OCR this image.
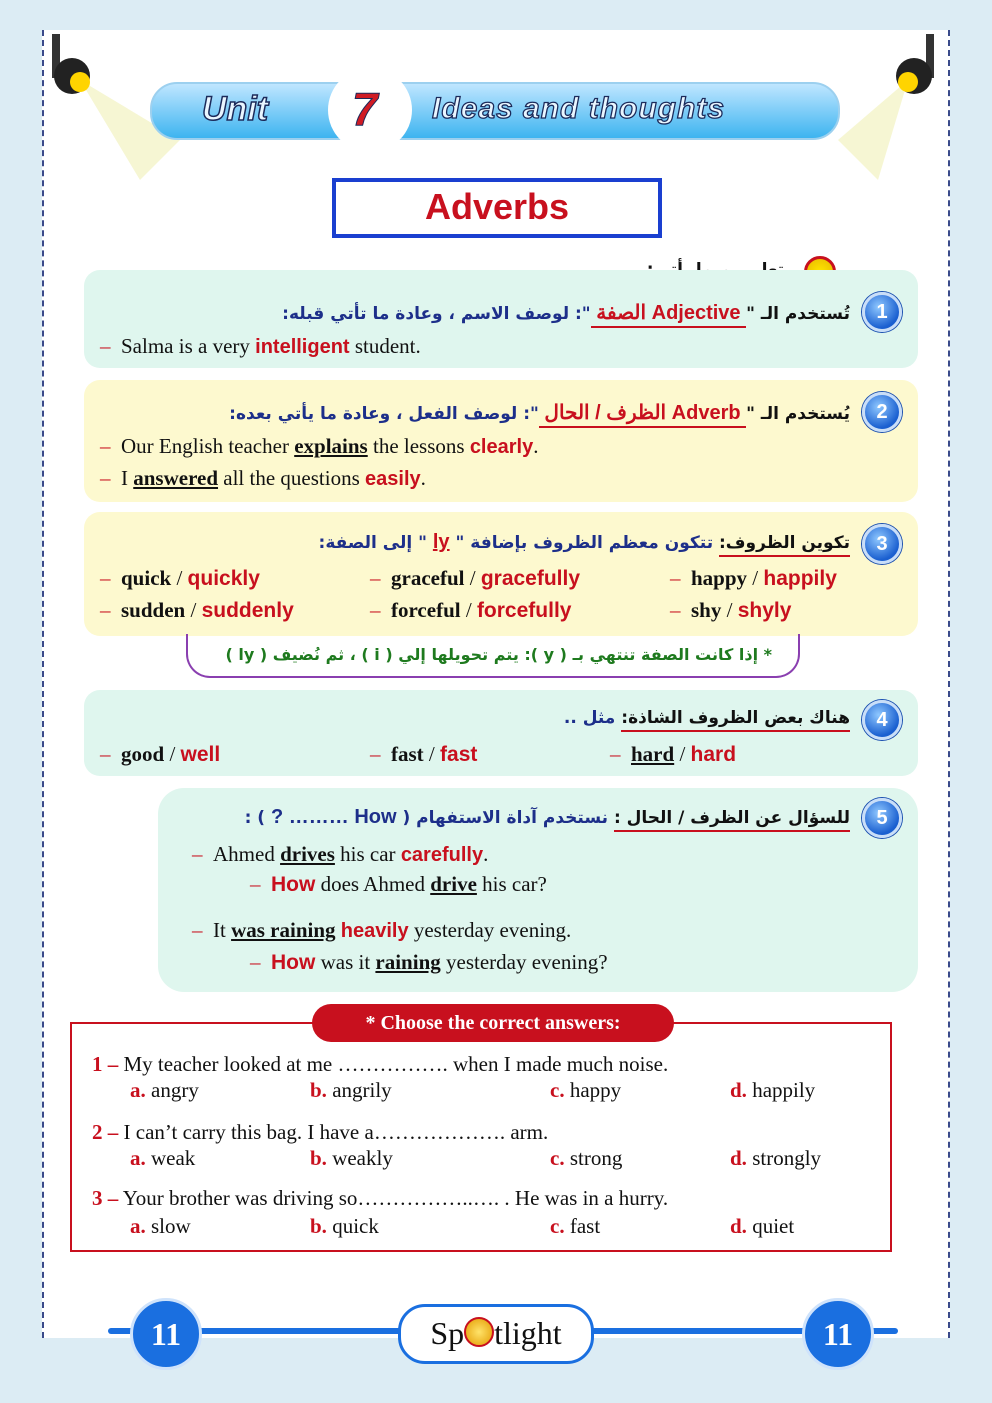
Unit 7 Ideas and thoughts
Adverbs
1
تُستخدم الـ " Adjective الصفة ": لوصف الاسم ، وعادة ما تأتي قبله:
–  Salma is a very intelligent student.
2
يُستخدم الـ " Adverb الظرف / الحال ": لوصف الفعل ، وعادة ما يأتي بعده:
–  Our English teacher explains the lessons clearly.
–  I answered all the questions easily.
3
تكوين الظروف: تتكون معظم الظروف بإضافة " ly " إلى الصفة:
–  quick / quickly	–  graceful / gracefully	–  happy / happily
–  sudden / suddenly	–  forceful / forcefully	–  shy / shyly
* إذا كانت الصفة تنتهي بـ ( y ): يتم تحويلها إلي ( i ) ، ثم نُضيف ( ly )
4
هناك بعض الظروف الشاذة: مثل ..
–  good / well	–  fast / fast	–  hard / hard
5
للسؤال عن الظرف / الحال : نستخدم آداة الاستفهام ( How ……… ? ) :
–  Ahmed drives his car carefully.
–  How does Ahmed drive his car?
–  It was raining heavily yesterday evening.
–  How was it raining yesterday evening?
* Choose the correct answers:
1 – My teacher looked at me ……………. when I made much noise.
a. angry	b. angrily	c. happy	d. happily
2 – I can’t carry this bag. I have a………………. arm.
a. weak	b. weakly	c. strong	d. strongly
3 – Your brother was driving so……………..…. . He was in a hurry.
a. slow	b. quick	c. fast	d. quiet
11	11
Sp tlight
